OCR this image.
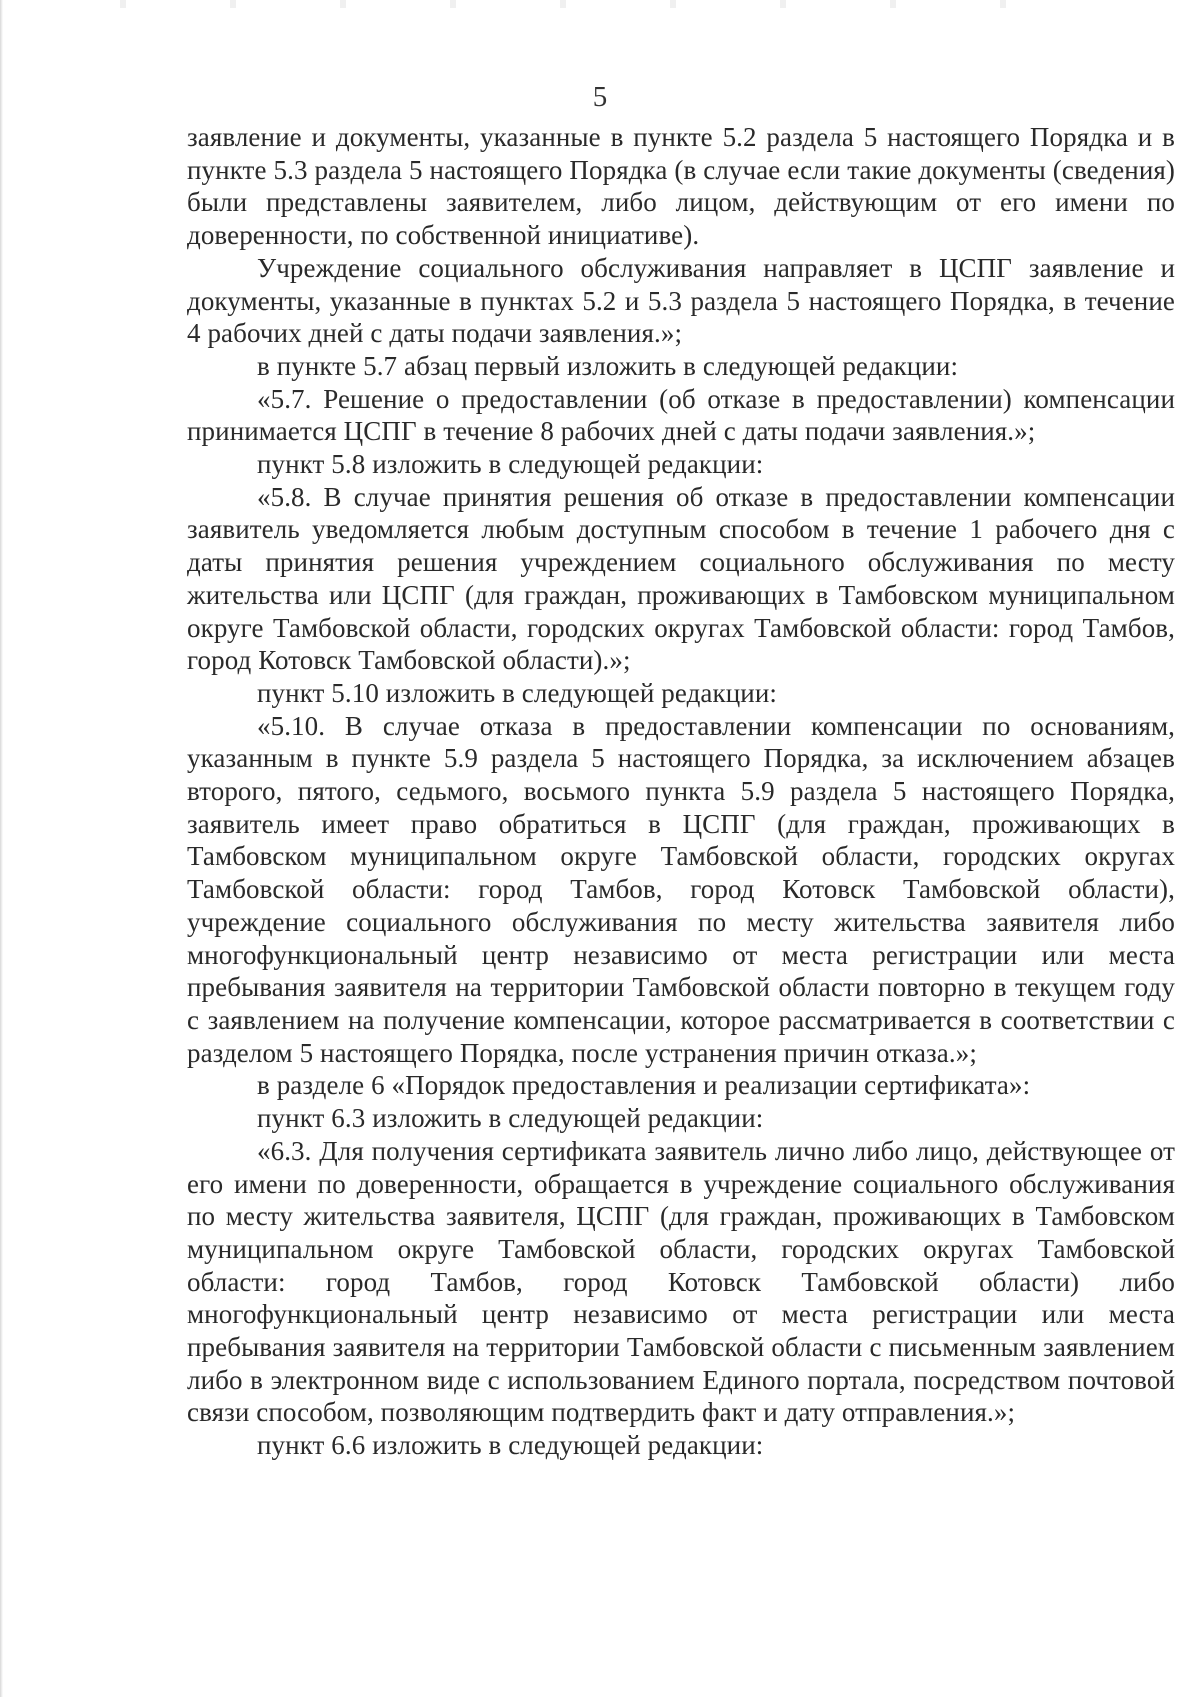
5

заявление и документы, указанные в пункте 5.2 раздела 5 настоящего Порядка и в пункте 5.3 раздела 5 настоящего Порядка (в случае если такие документы (сведения) были представлены заявителем, либо лицом, действующим от его имени по доверенности, по собственной инициативе).

Учреждение социального обслуживания направляет в ЦСПГ заявление и документы, указанные в пунктах 5.2 и 5.3 раздела 5 настоящего Порядка, в течение 4 рабочих дней с даты подачи заявления.»;

в пункте 5.7 абзац первый изложить в следующей редакции:

«5.7. Решение о предоставлении (об отказе в предоставлении) компенсации принимается ЦСПГ в течение 8 рабочих дней с даты подачи заявления.»;

пункт 5.8 изложить в следующей редакции:

«5.8. В случае принятия решения об отказе в предоставлении компенсации заявитель уведомляется любым доступным способом в течение 1 рабочего дня с даты принятия решения учреждением социального обслуживания по месту жительства или ЦСПГ (для граждан, проживающих в Тамбовском муниципальном округе Тамбовской области, городских округах Тамбовской области: город Тамбов, город Котовск Тамбовской области).»;

пункт 5.10 изложить в следующей редакции:

«5.10. В случае отказа в предоставлении компенсации по основаниям, указанным в пункте 5.9 раздела 5 настоящего Порядка, за исключением абзацев второго, пятого, седьмого, восьмого пункта 5.9 раздела 5 настоящего Порядка, заявитель имеет право обратиться в ЦСПГ (для граждан, проживающих в Тамбовском муниципальном округе Тамбовской области, городских округах Тамбовской области: город Тамбов, город Котовск Тамбовской области), учреждение социального обслуживания по месту жительства заявителя либо многофункциональный центр независимо от места регистрации или места пребывания заявителя на территории Тамбовской области повторно в текущем году с заявлением на получение компенсации, которое рассматривается в соответствии с разделом 5 настоящего Порядка, после устранения причин отказа.»;

в разделе 6 «Порядок предоставления и реализации сертификата»:

пункт 6.3 изложить в следующей редакции:

«6.3. Для получения сертификата заявитель лично либо лицо, действующее от его имени по доверенности, обращается в учреждение социального обслуживания по месту жительства заявителя, ЦСПГ (для граждан, проживающих в Тамбовском муниципальном округе Тамбовской области, городских округах Тамбовской области: город Тамбов, город Котовск Тамбовской области) либо многофункциональный центр независимо от места регистрации или места пребывания заявителя на территории Тамбовской области с письменным заявлением либо в электронном виде с использованием Единого портала, посредством почтовой связи способом, позволяющим подтвердить факт и дату отправления.»;

пункт 6.6 изложить в следующей редакции:
